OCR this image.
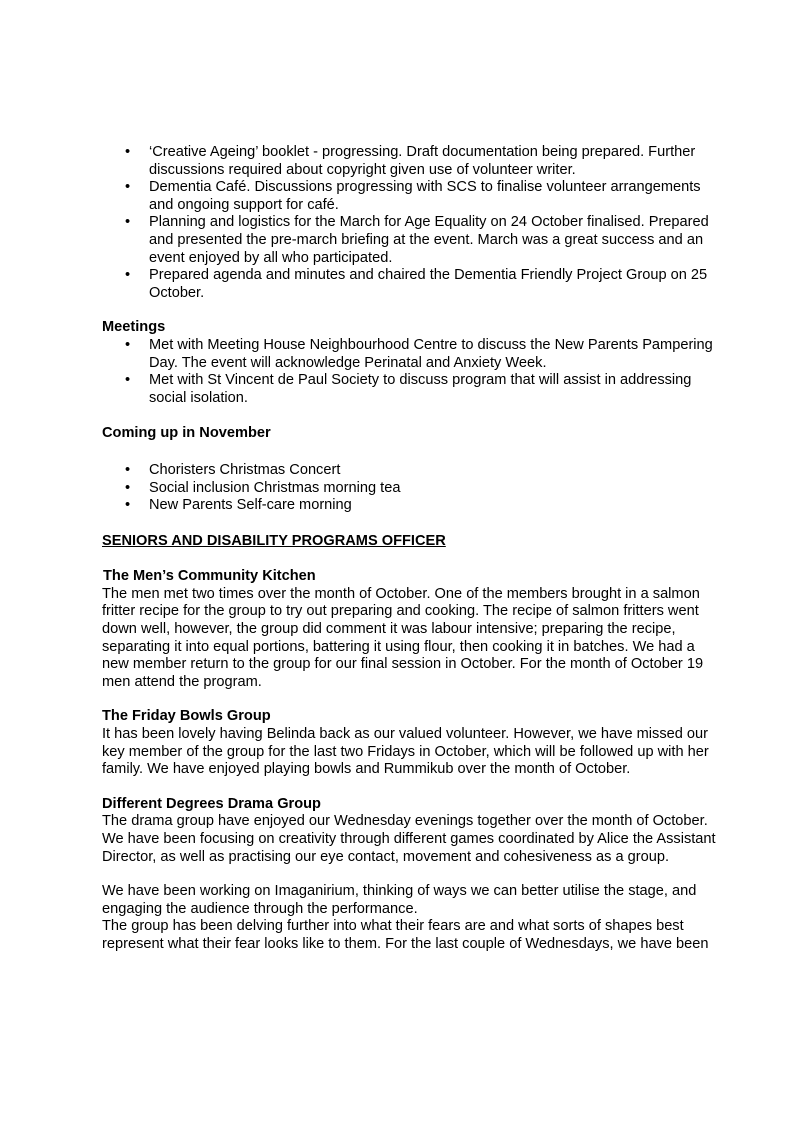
• ‘Creative Ageing’ booklet - progressing. Draft documentation being prepared. Further discussions required about copyright given use of volunteer writer.
• Dementia Café. Discussions progressing with SCS to finalise volunteer arrangements and ongoing support for café.
• Planning and logistics for the March for Age Equality on 24 October finalised. Prepared and presented the pre-march briefing at the event. March was a great success and an event enjoyed by all who participated.
• Prepared agenda and minutes and chaired the Dementia Friendly Project Group on 25 October.

Meetings

• Met with Meeting House Neighbourhood Centre to discuss the New Parents Pampering Day. The event will acknowledge Perinatal and Anxiety Week.
• Met with St Vincent de Paul Society to discuss program that will assist in addressing social isolation.

Coming up in November

• Choristers Christmas Concert
• Social inclusion Christmas morning tea
• New Parents Self-care morning

SENIORS AND DISABILITY PROGRAMS OFFICER

The Men’s Community Kitchen

The men met two times over the month of October. One of the members brought in a salmon fritter recipe for the group to try out preparing and cooking. The recipe of salmon fritters went down well, however, the group did comment it was labour intensive; preparing the recipe, separating it into equal portions, battering it using flour, then cooking it in batches. We had a new member return to the group for our final session in October. For the month of October 19 men attend the program.

The Friday Bowls Group

It has been lovely having Belinda back as our valued volunteer. However, we have missed our key member of the group for the last two Fridays in October, which will be followed up with her family. We have enjoyed playing bowls and Rummikub over the month of October.

Different Degrees Drama Group

The drama group have enjoyed our Wednesday evenings together over the month of October. We have been focusing on creativity through different games coordinated by Alice the Assistant Director, as well as practising our eye contact, movement and cohesiveness as a group.

We have been working on Imaganirium, thinking of ways we can better utilise the stage, and engaging the audience through the performance.

The group has been delving further into what their fears are and what sorts of shapes best represent what their fear looks like to them. For the last couple of Wednesdays, we have been
